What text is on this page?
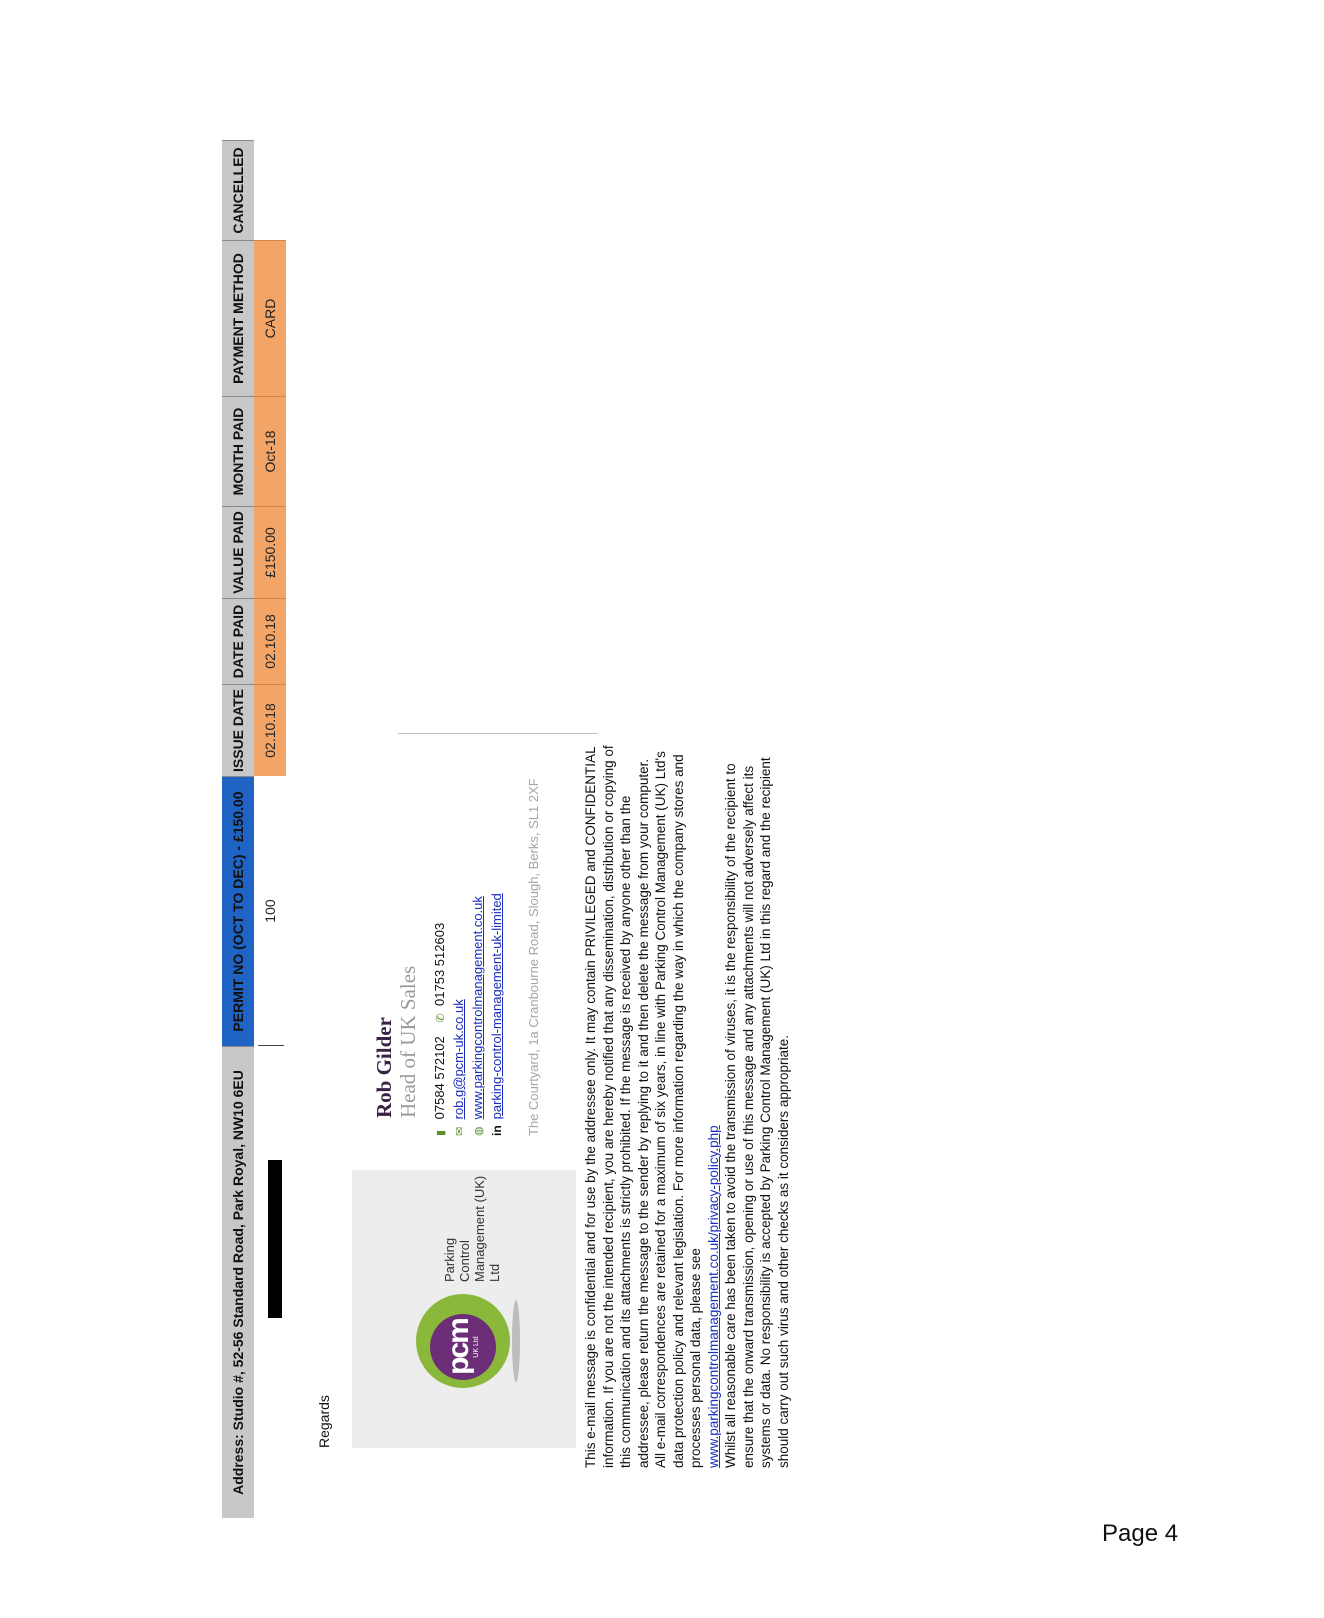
Address: Studio #, 52-56 Standard Road, Park Royal, NW10 6EU
PERMIT NO (OCT TO DEC) - £150.00
ISSUE DATE
DATE PAID
VALUE PAID
MONTH PAID
PAYMENT METHOD
CANCELLED
100
02.10.18
02.10.18
£150.00
Oct-18
CARD
Regards
pcm
UK Ltd
Parking Control Management (UK) Ltd
Rob Gilder Head of UK Sales
▮ 07584 572102 ✆ 01753 512603
✉ rob.g@pcm-uk.co.uk
◍ www.parkingcontrolmanagement.co.uk
in parking-control-management-uk-limited The Courtyard, 1a Cranbourne Road, Slough, Berks, SL1 2XF	This e-mail message is confidential and for use by the addressee only. It may contain PRIVILEGED and CONFIDENTIAL information. If you are not the intended recipient, you are hereby notified that any dissemination, distribution or copying of this communication and its attachments is strictly prohibited. If the message is received by anyone other than the addressee, please return the message to the sender by replying to it and then delete the message from your computer. All e-mail correspondences are retained for a maximum of six years, in line with Parking Control Management (UK) Ltd's data protection policy and relevant legislation. For more information regarding the way in which the company stores and processes personal data, please see www.parkingcontrolmanagement.co.uk/privacy-policy.php Whilst all reasonable care has been taken to avoid the transmission of viruses, it is the responsibility of the recipient to ensure that the onward transmission, opening or use of this message and any attachments will not adversely affect its systems or data. No responsibility is accepted by Parking Control Management (UK) Ltd in this regard and the recipient should carry out such virus and other checks as it considers appropriate.

Page 4
